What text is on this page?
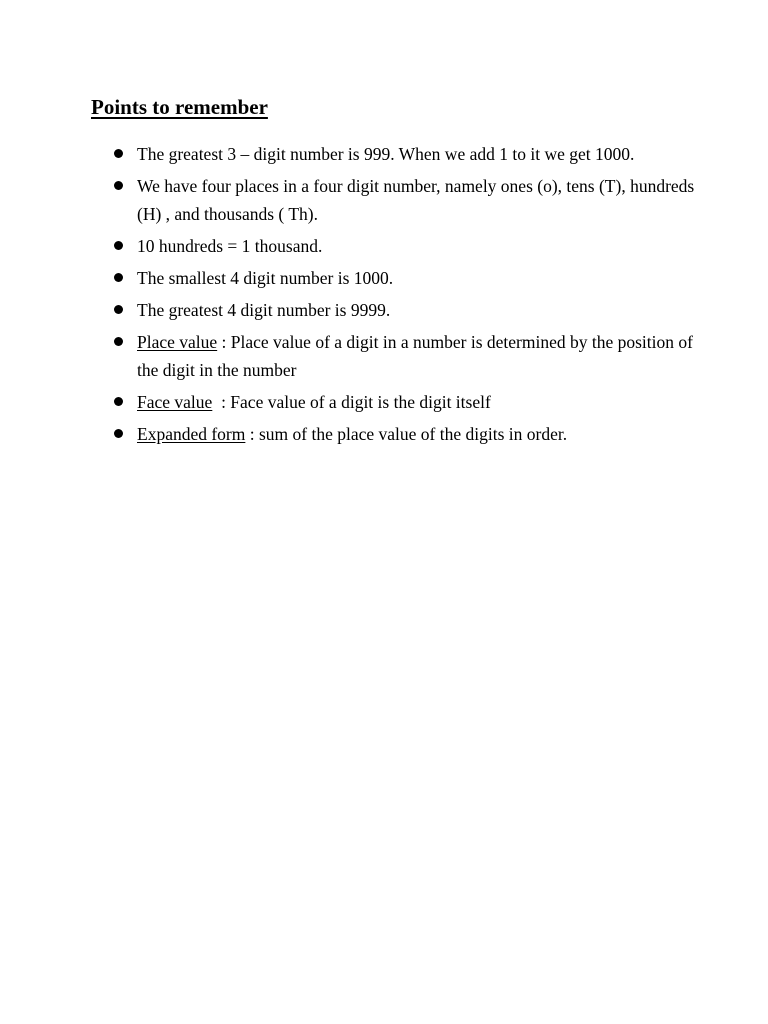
Points to remember
The greatest 3 – digit number is 999. When we add 1 to it we get 1000.
We have four places in a four digit number, namely ones (o), tens (T), hundreds (H) , and thousands ( Th).
10 hundreds = 1 thousand.
The smallest 4 digit number is 1000.
The greatest 4 digit number is 9999.
Place value : Place value of a digit in a number is determined by the position of the digit in the number
Face value  : Face value of a digit is the digit itself
Expanded form : sum of the place value of the digits in order.
